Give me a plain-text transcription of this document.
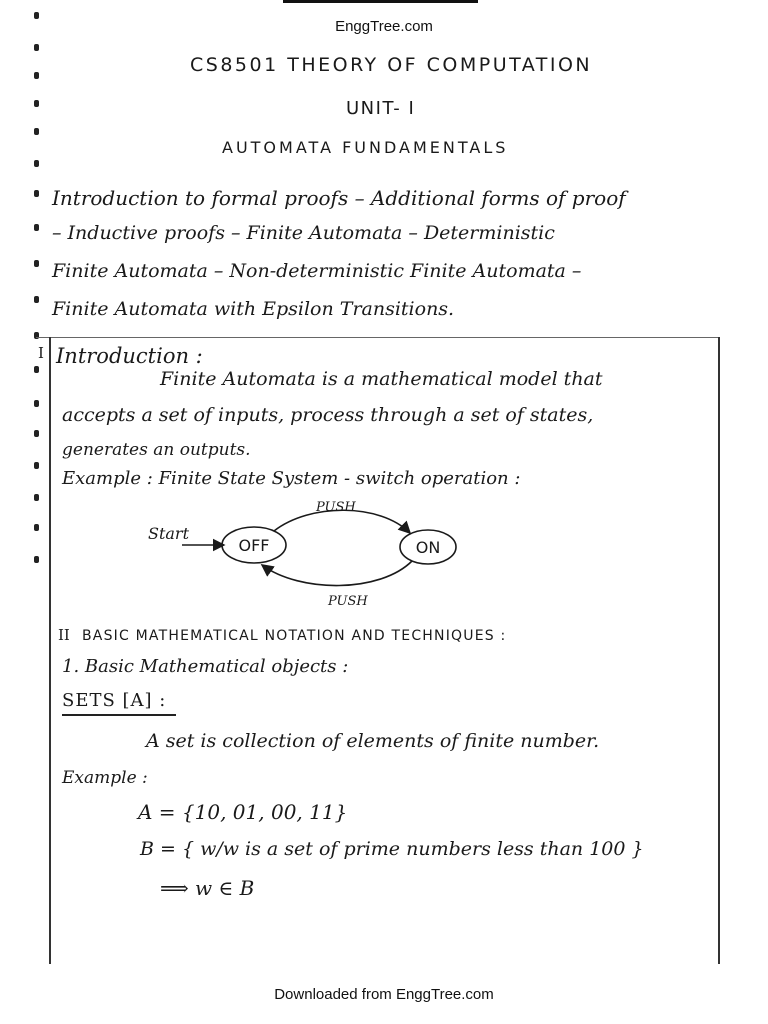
EnggTree.com
CS8501 THEORY OF COMPUTATION
UNIT- I
AUTOMATA FUNDAMENTALS
Introduction to formal proofs – Additional forms of proof
– Inductive proofs – Finite Automata – Deterministic
Finite Automata – Non-deterministic Finite Automata –
Finite Automata with Epsilon Transitions.
I Introduction :
Finite Automata is a mathematical model that
accepts a set of inputs, process through a set of states,
generates an outputs.
Example : Finite State System - switch operation :
Start
OFF	ON
PUSH
PUSH
II BASIC MATHEMATICAL NOTATION AND TECHNIQUES :
1. Basic Mathematical objects :
SETS [A] :
A set is collection of elements of finite number.
Example :
A = {10, 01, 00, 11}
B = { w/w is a set of prime numbers less than 100 }
⟹ w ∈ B
Downloaded from EnggTree.com
